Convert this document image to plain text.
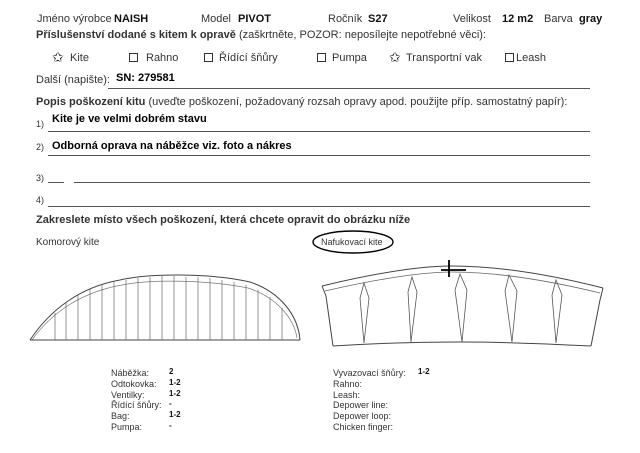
Jméno výrobce NAISH	Model PIVOT	Ročník S27	Velikost 12 m2 Barva gray
Příslušenství dodané s kitem k opravě (zaškrtněte, POZOR: neposílejte nepotřebné věci):
✩ Kite	Rahno	Řídící šňůry	Pumpa ✩ Transportní vak	Leash
Další (napište): SN: 279581
Popis poškození kitu (uveďte poškození, požadovaný rozsah opravy apod. použijte příp. samostatný papír):
1) Kite je ve velmi dobrém stavu
2) Odborná oprava na náběžce viz. foto a nákres
3)
4)
Zakreslete místo všech poškození, která chcete opravit do obrázku níže
Komorový kite	Nafukovací kite
Náběžka: 2
Odtokovka: 1-2
Ventilky:	1-2
Řídící šňůry: -
Bag:	1-2
Pumpa:	-
Vyvazovací šňůry: 1-2
Rahno:
Leash:
Depower line:
Depower loop:
Chicken finger:
